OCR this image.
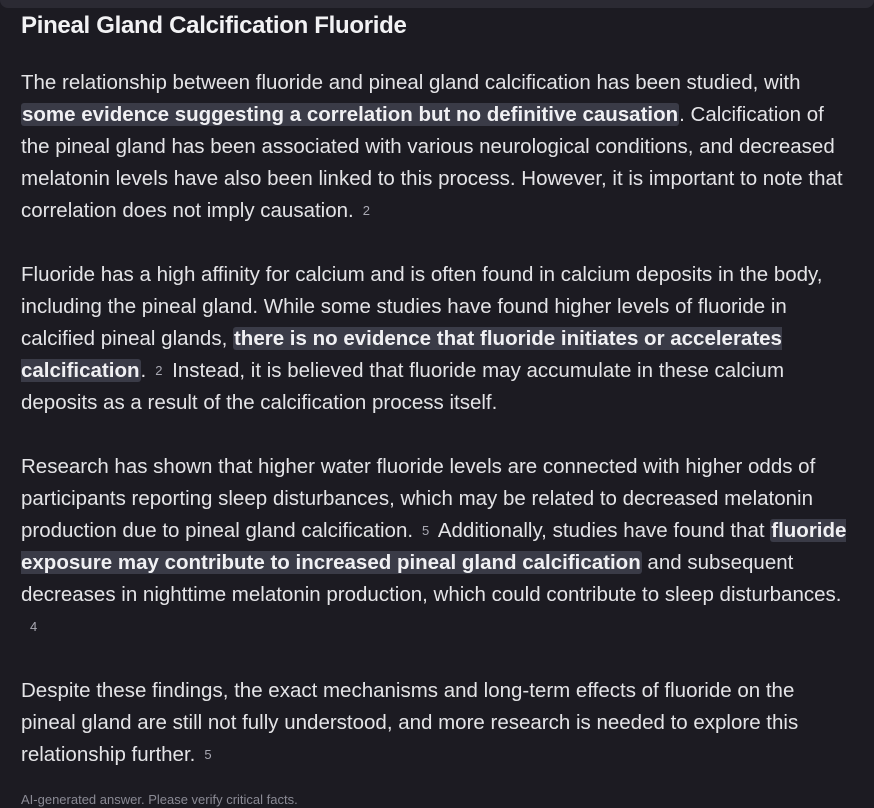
Pineal Gland Calcification Fluoride

The relationship between fluoride and pineal gland calcification has been studied, with some evidence suggesting a correlation but no definitive causation. Calcification of the pineal gland has been associated with various neurological conditions, and decreased melatonin levels have also been linked to this process. However, it is important to note that correlation does not imply causation. 2

Fluoride has a high affinity for calcium and is often found in calcium deposits in the body, including the pineal gland. While some studies have found higher levels of fluoride in calcified pineal glands, there is no evidence that fluoride initiates or accelerates calcification. 2 Instead, it is believed that fluoride may accumulate in these calcium deposits as a result of the calcification process itself.

Research has shown that higher water fluoride levels are connected with higher odds of participants reporting sleep disturbances, which may be related to decreased melatonin production due to pineal gland calcification. 5 Additionally, studies have found that fluoride exposure may contribute to increased pineal gland calcification and subsequent decreases in nighttime melatonin production, which could contribute to sleep disturbances.4

Despite these findings, the exact mechanisms and long-term effects of fluoride on the pineal gland are still not fully understood, and more research is needed to explore this relationship further. 5

AI-generated answer. Please verify critical facts.
